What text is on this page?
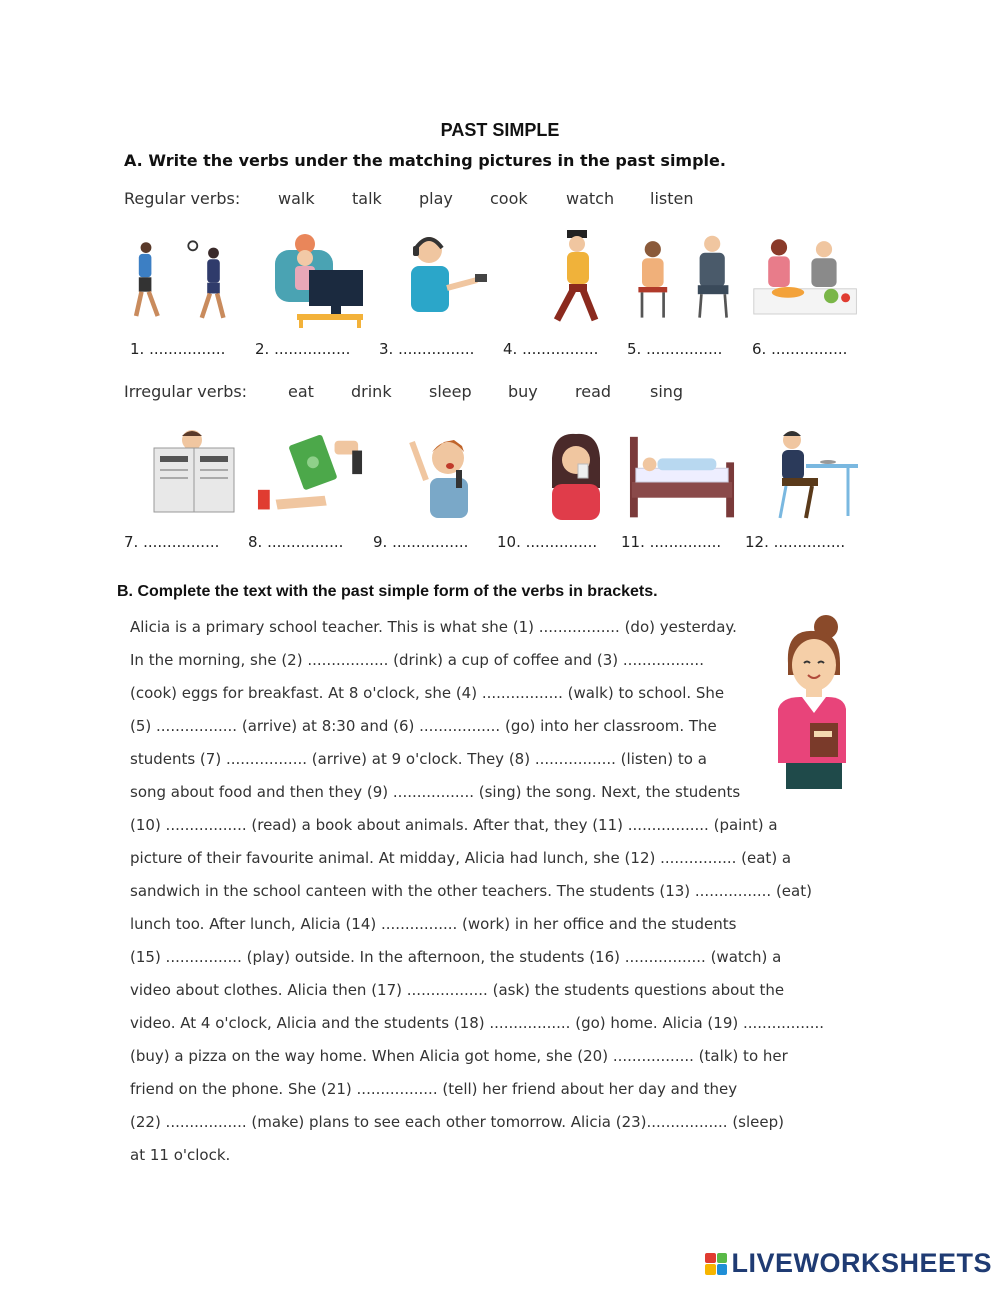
PAST SIMPLE
A. Write the verbs under the matching pictures in the past simple.
Regular verbs: walk talk play cook watch listen
1. ................ 2. ................ 3. ................ 4. ................ 5. ................ 6. ................
Irregular verbs:	eat drink sleep buy read sing
7. ................ 8. ................ 9. ................ 10. ............... 11. ............... 12. ...............
B. Complete the text with the past simple form of the verbs in brackets.
Alicia is a primary school teacher. This is what she (1) ................. (do) yesterday.
In the morning, she (2) ................. (drink) a cup of coffee and (3) .................
(cook) eggs for breakfast. At 8 o'clock, she (4) ................. (walk) to school. She
(5) ................. (arrive) at 8:30 and (6) ................. (go) into her classroom. The
students (7) ................. (arrive) at 9 o'clock. They (8) ................. (listen) to a
song about food and then they (9) ................. (sing) the song. Next, the students
(10) ................. (read) a book about animals. After that, they (11) ................. (paint) a
picture of their favourite animal. At midday, Alicia had lunch, she (12) ................ (eat) a
sandwich in the school canteen with the other teachers. The students (13) ................ (eat)
lunch too. After lunch, Alicia (14) ................ (work) in her office and the students
(15) ................ (play) outside. In the afternoon, the students (16) ................. (watch) a
video about clothes. Alicia then (17) ................. (ask) the students questions about the
video. At 4 o'clock, Alicia and the students (18) ................. (go) home. Alicia (19) .................
(buy) a pizza on the way home. When Alicia got home, she (20) ................. (talk) to her
friend on the phone. She (21) ................. (tell) her friend about her day and they
(22) ................. (make) plans to see each other tomorrow. Alicia (23)................. (sleep)
at 11 o'clock.
LIVEWORKSHEETS
